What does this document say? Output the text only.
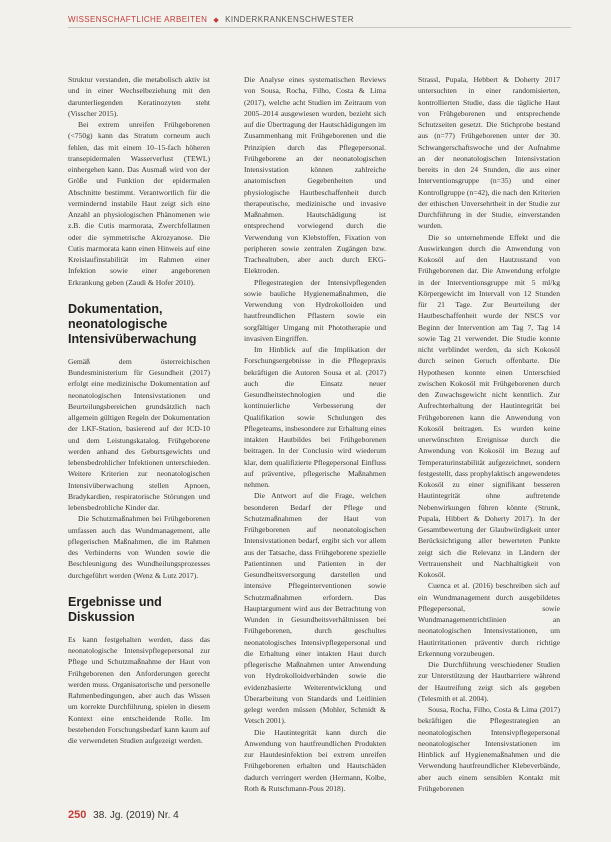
WISSENSCHAFTLICHE ARBEITEN ◆ KINDERKRANKENSCHWESTER

Struktur verstanden, die metabolisch aktiv ist und in einer Wechselbeziehung mit den darunterliegenden Keratinozyten steht (Visscher 2015).

Bei extrem unreifen Frühgeborenen (<750g) kann das Stratum corneum auch fehlen, das mit einem 10–15-fach höheren transepidermalen Wasserverlust (TEWL) einhergehen kann. Das Ausmaß wird von der Größe und Funktion der epidermalen Abschnitte bestimmt. Verantwortlich für die vermindernd instabile Haut zeigt sich eine Anzahl an physiologischen Phänomenen wie z.B. die Cutis marmorata, Zwerchfellatmen oder die symmetrische Akrozyanose. Die Cutis marmorata kann einen Hinweis auf eine Kreislaufinstabilität im Rahmen einer Infektion sowie einer angeborenen Erkrankung geben (Zaudi & Hofer 2010).

Dokumentation, neonatologische Intensivüberwachung

Gemäß dem österreichischen Bundesministerium für Gesundheit (2017) erfolgt eine medizinische Dokumentation auf neonatologischen Intensivstationen und Beurteilungsbereichen grundsätzlich nach allgemein gültigen Regeln der Dokumentation der LKF-Station, basierend auf der ICD-10 und dem Leistungskatalog. Frühgeborene werden anhand des Geburtsgewichts und lebensbedrohlicher Infektionen unterschieden. Weitere Kriterien zur neonatologischen Intensivüberwachung stellen Apnoen, Bradykardien, respiratorische Störungen und lebensbedrohliche Kinder dar.

Die Schutzmaßnahmen bei Frühgeborenen umfassen auch das Wundmanagement, alle pflegerischen Maßnahmen, die im Rahmen des Verhinderns von Wunden sowie die Beschleunigung des Wundheilungsprozesses durchgeführt werden (Wenz & Lutz 2017).

Ergebnisse und Diskussion

Es kann festgehalten werden, dass das neonatologische Intensivpflegepersonal zur Pflege und Schutzmaßnahme der Haut von Frühgeborenen den Anforderungen gerecht werden muss. Organisatorische und personelle Rahmenbedingungen, aber auch das Wissen um korrekte Durchführung, spielen in diesem Kontext eine entscheidende Rolle. Im bestehenden Forschungsbedarf kann kaum auf die verwendeten Studien aufgezeigt werden.

Die Analyse eines systematischen Reviews von Sousa, Rocha, Filho, Costa & Lima (2017), welche acht Studien im Zeitraum von 2005–2014 ausgewiesen wurden, bezieht sich auf die Übertragung der Hautschädigungen im Zusammenhang mit Frühgeborenen und die Prinzipien durch das Pflegepersonal. Frühgeborene an der neonatologischen Intensivstation können zahlreiche anatomischen Gegebenheiten und physiologische Hautbeschaffenheit durch therapeutische, medizinische und invasive Maßnahmen. Hautschädigung ist entsprechend vorwiegend durch die Verwendung von Klebstoffen, Fixation von peripheren sowie zentralen Zugängen bzw. Trachealtuben, aber auch durch EKG-Elektroden.

Pflegestrategien der Intensivpflegenden sowie bauliche Hygienemaßnahmen, die Verwendung von Hydrokolloiden und hautfreundlichen Pflastern sowie ein sorgfältiger Umgang mit Phototherapie und invasiven Eingriffen.

Im Hinblick auf die Implikation der Forschungsergebnisse in die Pflegepraxis bekräftigen die Autoren Sousa et al. (2017) auch die Einsatz neuer Gesundheitstechnologien und die kontinuierliche Verbesserung der Qualifikation sowie Schulungen des Pflegeteams, insbesondere zur Erhaltung eines intakten Hautbildes bei Frühgeborenen beitragen. In der Conclusio wird wiederum klar, dem qualifizierte Pflegepersonal Einfluss auf präventive, pflegerische Maßnahmen nehmen.

Die Antwort auf die Frage, welchen besonderen Bedarf der Pflege und Schutzmaßnahmen der Haut von Frühgeborenen auf neonatologischen Intensivstationen bedarf, ergibt sich vor allem aus der Tatsache, dass Frühgeborene spezielle Patientinnen und Patienten in der Gesundheitsversorgung darstellen und intensive Pflegeinterventionen sowie Schutzmaßnahmen erfordern. Das Hauptargument wird aus der Betrachtung von Wunden in Gesundheitsverhältnissen bei Frühgeborenen, durch geschultes neonatologisches Intensivpflegepersonal und die Erhaltung einer intakten Haut durch pflegerische Maßnahmen unter Anwendung von Hydrokolloidverbänden sowie die evidenzbasierte Weiterentwicklung und Überarbeitung von Standards und Leitlinien gelegt werden müssen (Mohler, Schmidt & Vetsch 2001).

Die Hautintegrität kann durch die Anwendung von hautfreundlichen Produkten zur Hautdesinfektion bei extrem unreifen Frühgeborenen erhalten und Hautschäden dadurch verringert werden (Hermann, Kolbe, Roth & Rutschmann-Pous 2018).

Strassl, Pupala, Hebbert & Doherty 2017 untersuchten in einer randomisierten, kontrollierten Studie, dass die tägliche Haut von Frühgeborenen und entsprechende Schutzseiten gesetzt. Die Stichprobe bestand aus (n=77) Frühgeborenen unter der 30. Schwangerschaftswoche und der Aufnahme an der neonatologischen Intensivstation bereits in den 24 Stunden, die aus einer Interventionsgruppe (n=35) und einer Kontrollgruppe (n=42), die nach den Kriterien der ethischen Unversehrtheit in der Studie zur Durchführung in der Studie, einverstanden wurden.

Die so unternehmende Effekt und die Auswirkungen durch die Anwendung von Kokosöl auf den Hautzustand von Frühgeborenen dar. Die Anwendung erfolgte in der Interventionsgruppe mit 5 ml/kg Körpergewicht im Intervall von 12 Stunden für 21 Tage. Zur Beurteilung der Hautbeschaffenheit wurde der NSCS vor Beginn der Intervention am Tag 7, Tag 14 sowie Tag 21 verwendet. Die Studie konnte nicht verblindet werden, da sich Kokosöl durch seinen Geruch offenbarte. Die Hypothesen konnte einen Unterschied zwischen Kokosöl mit Frühgeborenen durch den Zuwachsgewicht nicht kenntlich. Zur Aufrechterhaltung der Hautintegrität bei Frühgeborenen kann die Anwendung von Kokosöl beitragen. Es wurden keine unerwünschten Ereignisse durch die Anwendung von Kokosöl im Bezug auf Temperaturinstabilität aufgezeichnet, sondern festgestellt, dass prophylaktisch angewendetes Kokosöl zu einer signifikant besseren Hautintegrität ohne auftretende Nebenwirkungen führen könnte (Strunk, Pupala, Hibbert & Doherty 2017). In der Gesamtbewertung der Glaubwürdigkeit unter Berücksichtigung aller bewerteten Punkte zeigt sich die Relevanz in Ländern der Vertrauensheit und Nachhaltigkeit von Kokosöl.

Cuenca et al. (2016) beschreiben sich auf ein Wundmanagement durch ausgebildetes Pflegepersonal, sowie Wundmanagementrichtlinien an neonatologischen Intensivstationen, um Hautirritationen präventiv durch richtige Erkennung vorzubeugen.

Die Durchführung verschiedener Studien zur Unterstützung der Hautbarriere während der Hautreifung zeigt sich als gegeben (Telesmith et al. 2004).

Sousa, Rocha, Filho, Costa & Lima (2017) bekräftigen die Pflegestrategien an neonatologischen Intensivpflegepersonal neonatologischer Intensivstationen im Hinblick auf Hygienemaßnahmen und die Verwendung hautfreundlicher Klebeverbände, aber auch einem sensiblen Kontakt mit Frühgeborenen

250 38. Jg. (2019) Nr. 4
